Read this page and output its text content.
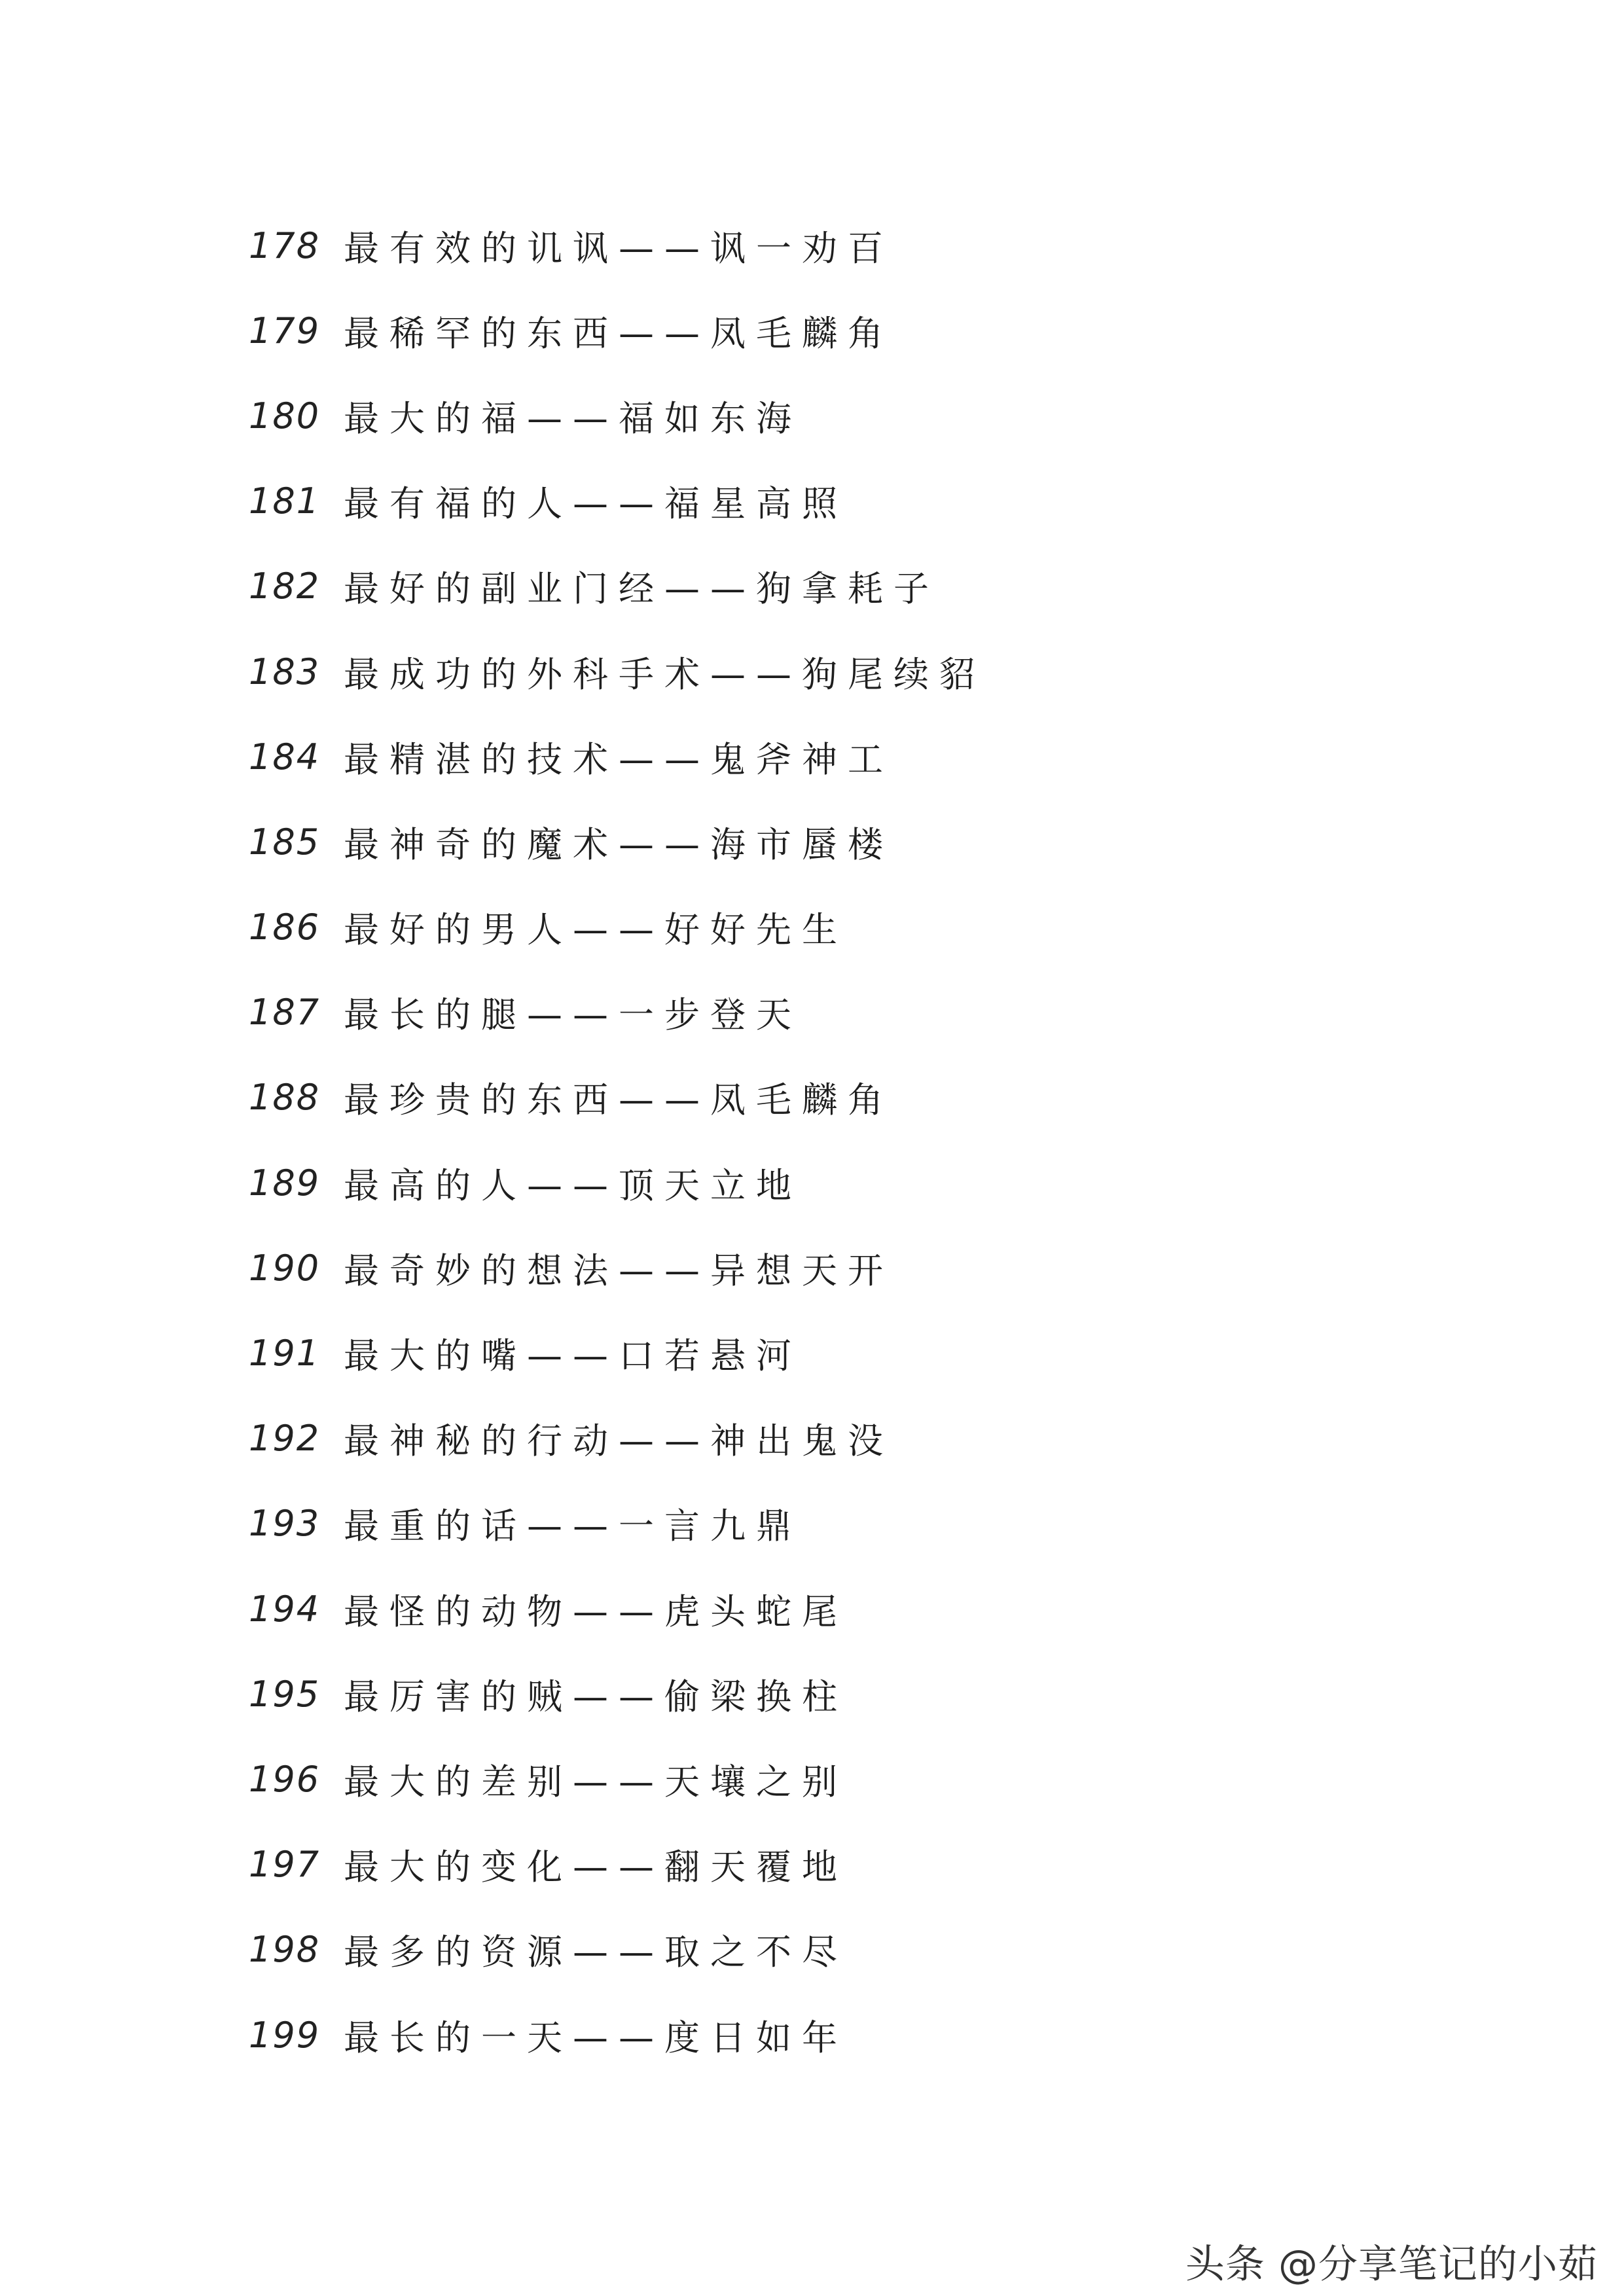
178 最有效的讥讽——讽一劝百
179 最稀罕的东西——凤毛麟角
180 最大的福——福如东海
181 最有福的人——福星高照
182 最好的副业门经——狗拿耗子
183 最成功的外科手术——狗尾续貂
184 最精湛的技术——鬼斧神工
185 最神奇的魔术——海市蜃楼
186 最好的男人——好好先生
187 最长的腿——一步登天
188 最珍贵的东西——凤毛麟角
189 最高的人——顶天立地
190 最奇妙的想法——异想天开
191 最大的嘴——口若悬河
192 最神秘的行动——神出鬼没
193 最重的话——一言九鼎
194 最怪的动物——虎头蛇尾
195 最厉害的贼——偷梁换柱
196 最大的差别——天壤之别
197 最大的变化——翻天覆地
198 最多的资源——取之不尽
199 最长的一天——度日如年
头条 @分享笔记的小茹
